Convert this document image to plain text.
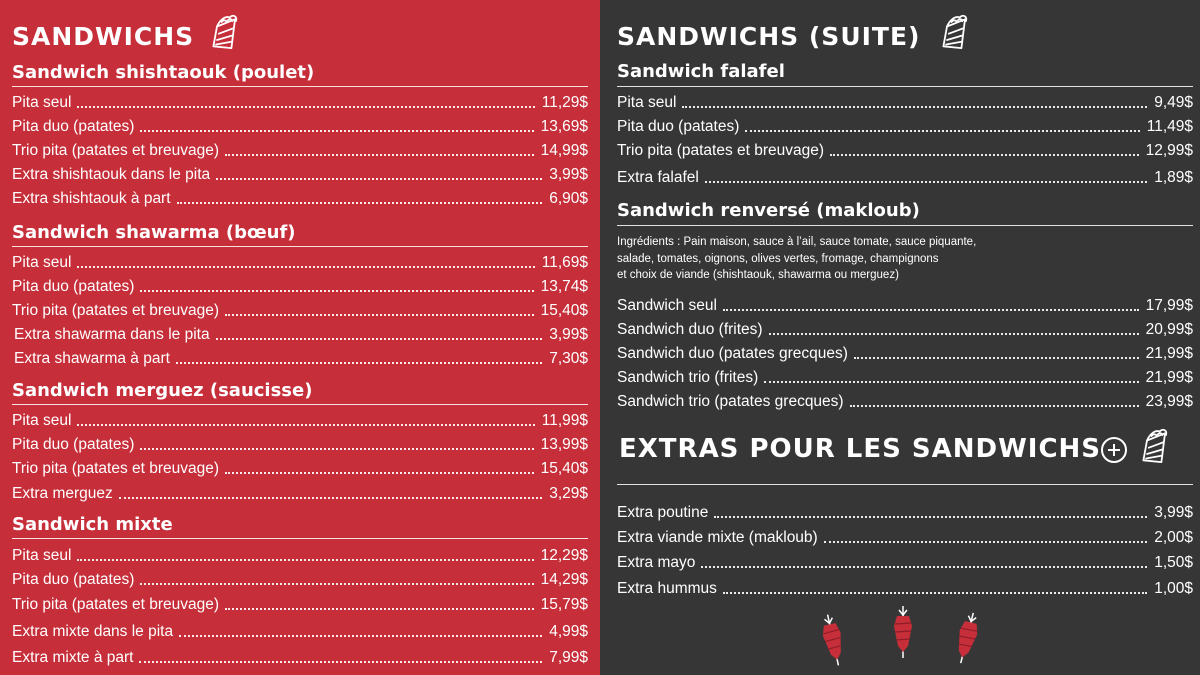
SANDWICHS
Sandwich shishtaouk (poulet)
Pita seul	11,29$
Pita duo (patates)	13,69$
Trio pita (patates et breuvage)	14,99$
Extra shishtaouk dans le pita	3,99$
Extra shishtaouk à part	6,90$
Sandwich shawarma (bœuf)
Pita seul	11,69$
Pita duo (patates)	13,74$
Trio pita (patates et breuvage)	15,40$
Extra shawarma dans le pita	3,99$
Extra shawarma à part	7,30$
Sandwich merguez (saucisse)
Pita seul	11,99$
Pita duo (patates)	13,99$
Trio pita (patates et breuvage)	15,40$
Extra merguez	3,29$
Sandwich mixte
Pita seul	12,29$
Pita duo (patates)	14,29$
Trio pita (patates et breuvage)	15,79$
Extra mixte dans le pita	4,99$
Extra mixte à part	7,99$
SANDWICHS (SUITE)
Sandwich falafel
Pita seul	9,49$
Pita duo (patates)	11,49$
Trio pita (patates et breuvage)	12,99$
Extra falafel	1,89$
Sandwich renversé (makloub)
Ingrédients : Pain maison, sauce à l’ail, sauce tomate, sauce piquante,
salade, tomates, oignons, olives vertes, fromage, champignons
et choix de viande (shishtaouk, shawarma ou merguez)
Sandwich seul	17,99$
Sandwich duo (frites)	20,99$
Sandwich duo (patates grecques)	21,99$
Sandwich trio (frites)	21,99$
Sandwich trio (patates grecques)	23,99$
EXTRAS POUR LES SANDWICHS
Extra poutine	3,99$
Extra viande mixte (makloub)	2,00$
Extra mayo	1,50$
Extra hummus	1,00$
